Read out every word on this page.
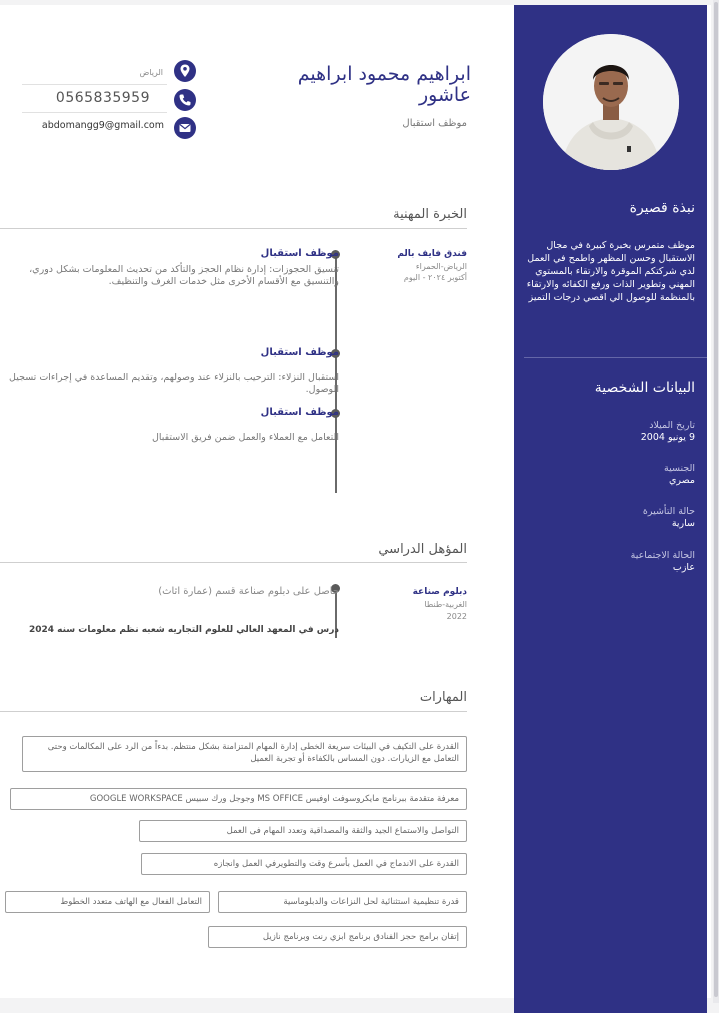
نبذة قصيرة
موظف متمرس بخبرة كبيرة في مجال الاستقبال وحسن المظهر واطمح في العمل لدي شركتكم الموقرة والارتقاء بالمستوي المهني وتطوير الذات ورفع الكفائه والارتقاء بالمنظمة للوصول الي اقصي درجات التميز
البيانات الشخصية
تاريخ الميلاد
9 يونيو 2004
الجنسية
مصري
حالة التأشيرة
سارية
الحالة الاجتماعية
عازب
ابراهيم محمود ابراهيم عاشور
موظف استقبال
الرياض
0565835959
abdomangg9@gmail.com
الخبرة المهنية
فندق فايف بالم
الرياض-الحمراء
أكتوبر ٢٠٢٤ - اليوم
موظف استقبال
تنسيق الحجوزات: إدارة نظام الحجز والتأكد من تحديث المعلومات بشكل دوري، والتنسيق مع الأقسام الأخرى مثل خدمات الغرف والتنظيف.
موظف استقبال
استقبال النزلاء: الترحيب بالنزلاء عند وصولهم، وتقديم المساعدة في إجراءات تسجيل الوصول.
موظف استقبال
التعامل مع العملاء والعمل ضمن فريق الاستقبال
المؤهل الدراسي
دبلوم صناعة
الغربية-طنطا
2022
حاصل على دبلوم صناعة قسم (عمارة اثاث)
درس في المعهد العالي للعلوم التجاريه شعبه نظم معلومات سنه 2024
المهارات
القدرة على التكيف في البيئات سريعة الخطى إدارة المهام المتزامنة بشكل منتظم. بدءاً من الرد على المكالمات وحتى التعامل مع الزيارات. دون المساس بالكفاءة أو تجربة العميل
معرفة متقدمة ببرنامج مايكروسوفت اوفيس MS OFFICE وجوجل ورك سبيس GOOGLE WORKSPACE
التواصل والاستماع الجيد والثقة والمصداقية وتعدد المهام فى العمل
القدرة على الاندماج في العمل بأسرع وقت والتطويرفي العمل وانجازه
قدرة تنظيمية استثنائية لحل النزاعات والدبلوماسية
التعامل الفعال مع الهاتف متعدد الخطوط
إتقان برامج حجز الفنادق برنامج ابزي رنت وبرنامج نازيل
